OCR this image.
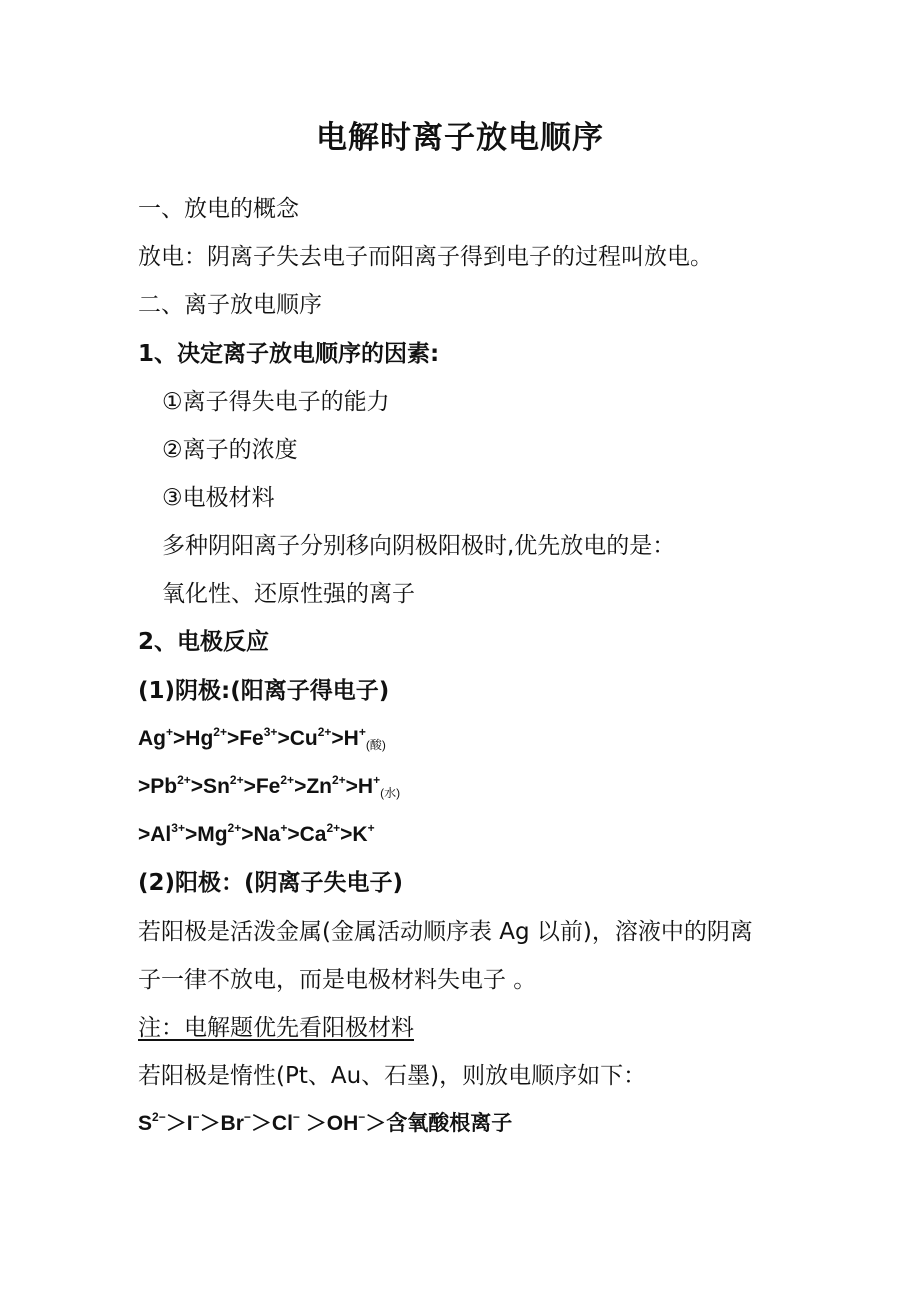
电解时离子放电顺序
一、放电的概念
放电：阴离子失去电子而阳离子得到电子的过程叫放电。
二、离子放电顺序
1、决定离子放电顺序的因素:
①离子得失电子的能力
②离子的浓度
③电极材料
多种阴阳离子分别移向阴极阳极时,优先放电的是：
氧化性、还原性强的离子
2、电极反应
(1)阴极:(阳离子得电子)
$Ag^+>Hg^{2+}>Fe^{3+}>Cu^{2+}>H^+_{(酸)}$
$>Pb^{2+}>Sn^{2+}>Fe^{2+}>Zn^{2+}>H^+_{(水)}$
$>Al^{3+}>Mg^{2+}>Na^+>Ca^{2+}>K^+$
(2)阳极：(阴离子失电子)
若阳极是活泼金属(金属活动顺序表 Ag 以前)，溶液中的阴离
子一律不放电，而是电极材料失电子 。
注：电解题优先看阳极材料
若阳极是惰性(Pt、Au、石墨)，则放电顺序如下：
$S^{2-}>I^->Br^->Cl^- >OH^->$含氧酸根离子
